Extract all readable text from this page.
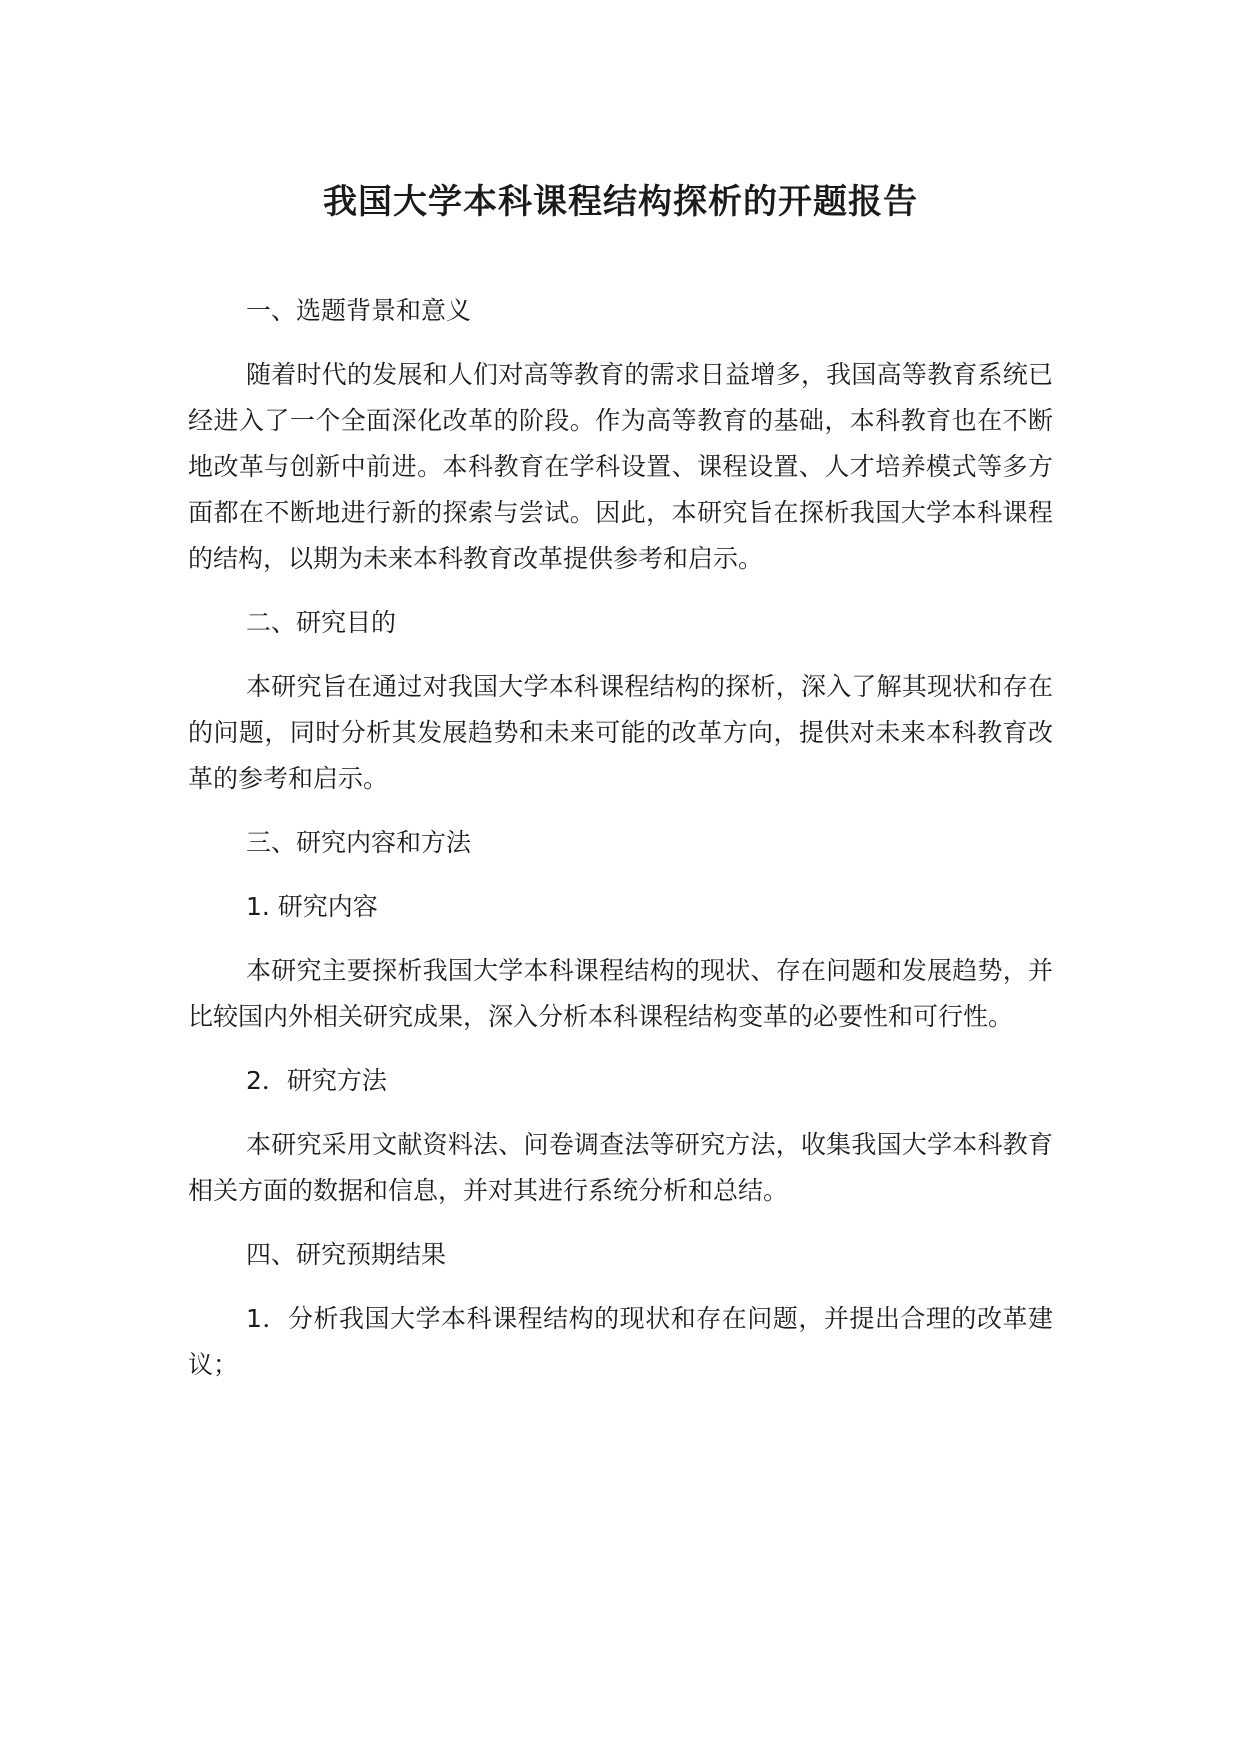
我国大学本科课程结构探析的开题报告

一、选题背景和意义

随着时代的发展和人们对高等教育的需求日益增多，我国高等教育系统已经进入了一个全面深化改革的阶段。作为高等教育的基础，本科教育也在不断地改革与创新中前进。本科教育在学科设置、课程设置、人才培养模式等多方面都在不断地进行新的探索与尝试。因此，本研究旨在探析我国大学本科课程的结构，以期为未来本科教育改革提供参考和启示。

二、研究目的

本研究旨在通过对我国大学本科课程结构的探析，深入了解其现状和存在的问题，同时分析其发展趋势和未来可能的改革方向，提供对未来本科教育改革的参考和启示。

三、研究内容和方法

1. 研究内容

本研究主要探析我国大学本科课程结构的现状、存在问题和发展趋势，并比较国内外相关研究成果，深入分析本科课程结构变革的必要性和可行性。

2．研究方法

本研究采用文献资料法、问卷调查法等研究方法，收集我国大学本科教育相关方面的数据和信息，并对其进行系统分析和总结。

四、研究预期结果

1．分析我国大学本科课程结构的现状和存在问题，并提出合理的改革建议；
